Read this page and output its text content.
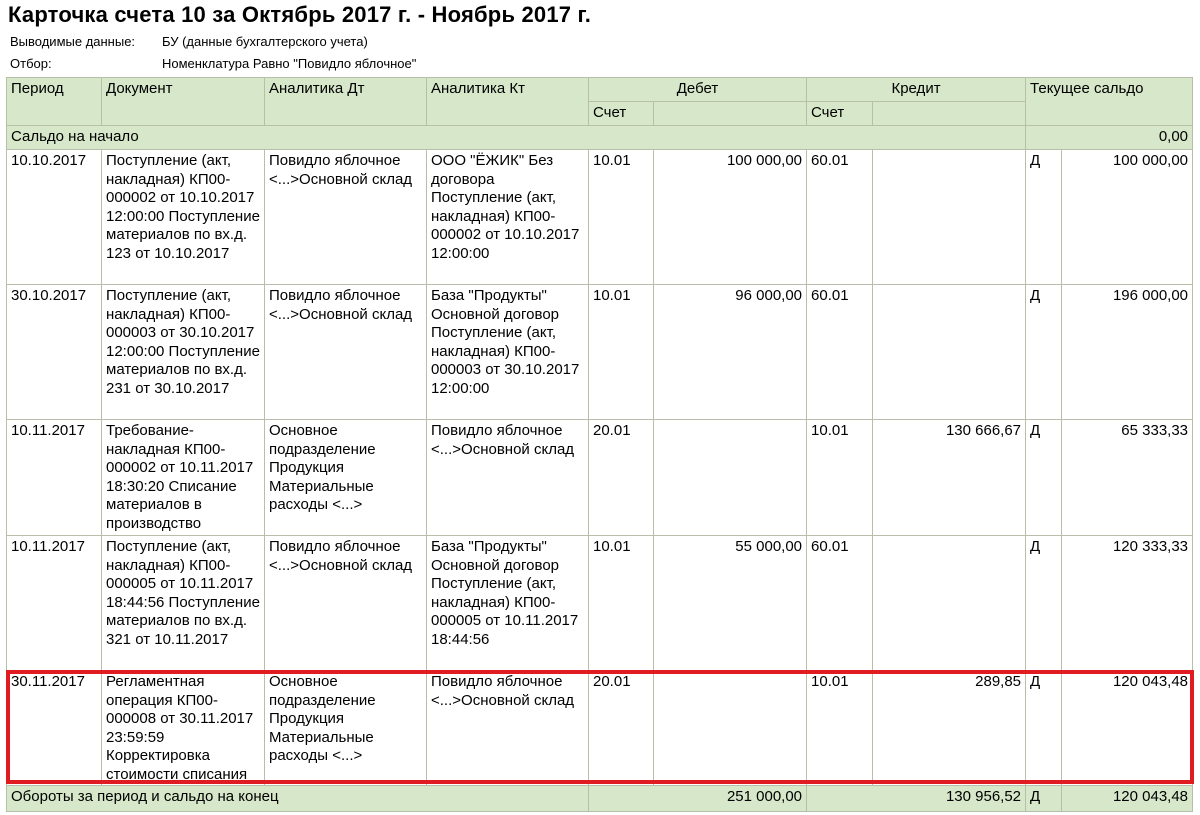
Карточка счета 10 за Октябрь 2017 г. - Ноябрь 2017 г.
Выводимые данные: БУ (данные бухгалтерского учета)
Отбор:	Номенклатура Равно "Повидло яблочное"
Период	Документ	Аналитика Дт	Аналитика Кт	Дебет		Кредит		Текущее сальдо	
				Счет		Счет			
Сальдо на начало								0,00	
10.10.2017	Поступление (акт, накладная) КП00-000002 от 10.10.2017 12:00:00 Поступление материалов по вх.д. 123 от 10.10.2017	Повидло яблочное <...>Основной склад	ООО "ЁЖИК" Без договора Поступление (акт, накладная) КП00-000002 от 10.10.2017 12:00:00	10.01	100 000,00	60.01		Д	100 000,00
30.10.2017	Поступление (акт, накладная) КП00-000003 от 30.10.2017 12:00:00 Поступление материалов по вх.д. 231 от 30.10.2017	Повидло яблочное <...>Основной склад	База "Продукты" Основной договор Поступление (акт, накладная) КП00-000003 от 30.10.2017 12:00:00	10.01	96 000,00	60.01		Д	196 000,00
10.11.2017	Требование-накладная КП00-000002 от 10.11.2017 18:30:20 Списание материалов в производство	Основное подразделение Продукция Материальные расходы <...>	Повидло яблочное <...>Основной склад	20.01		10.01	130 666,67	Д	65 333,33
10.11.2017	Поступление (акт, накладная) КП00-000005 от 10.11.2017 18:44:56 Поступление материалов по вх.д. 321 от 10.11.2017	Повидло яблочное <...>Основной склад	База "Продукты" Основной договор Поступление (акт, накладная) КП00-000005 от 10.11.2017 18:44:56	10.01	55 000,00	60.01		Д	120 333,33
30.11.2017	Регламентная операция КП00-000008 от 30.11.2017 23:59:59 Корректировка стоимости списания	Основное подразделение Продукция Материальные расходы <...>	Повидло яблочное <...>Основной склад	20.01		10.01	289,85	Д	120 043,48
Обороты за период и сальдо на конец				251 000,00		130 956,52		Д	120 043,48
